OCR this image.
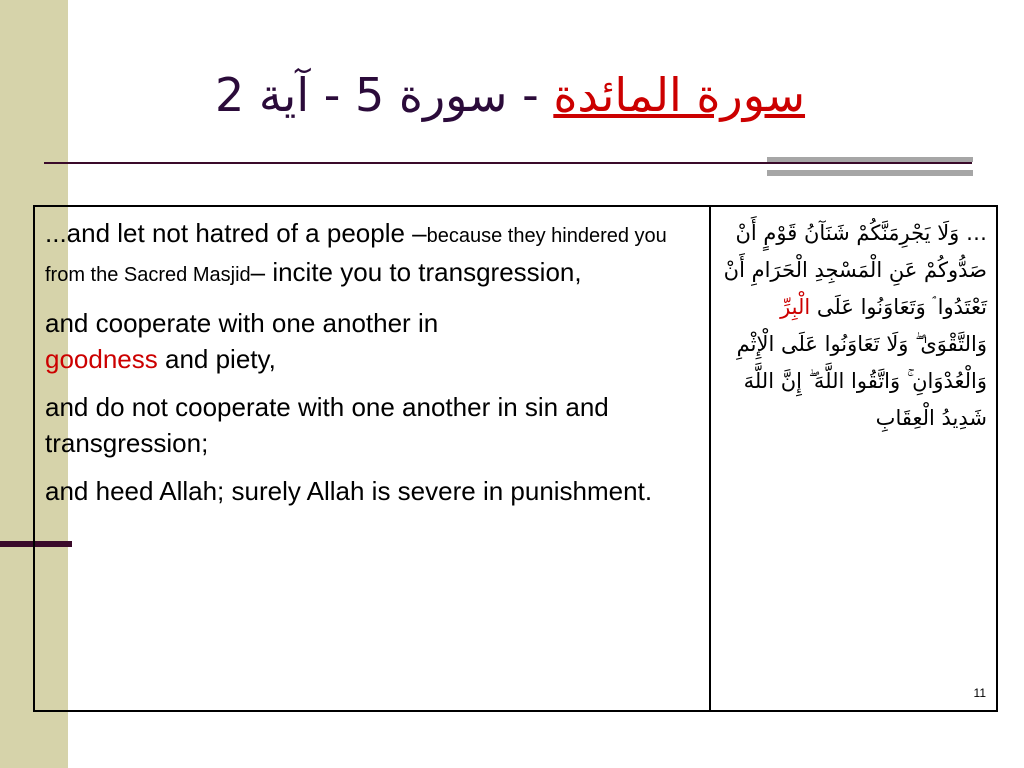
سورة المائدة - سورة 5 - آية 2

...and let not hatred of a people –because they hindered you from the Sacred Masjid– incite you to transgression,

and cooperate with one another in
goodness and piety,

and do not cooperate with one another in sin and transgression;

and heed Allah; surely Allah is severe in punishment.

… وَلَا يَجْرِمَنَّكُمْ شَنَآنُ قَوْمٍ أَنْ صَدُّوكُمْ عَنِ الْمَسْجِدِ الْحَرَامِ أَنْ تَعْتَدُوا ۘ وَتَعَاوَنُوا عَلَى الْبِرِّ وَالتَّقْوَىٰ ۖ وَلَا تَعَاوَنُوا عَلَى الْإِثْمِ وَالْعُدْوَانِ ۚ وَاتَّقُوا اللَّهَ ۖ إِنَّ اللَّهَ شَدِيدُ الْعِقَابِ
11
